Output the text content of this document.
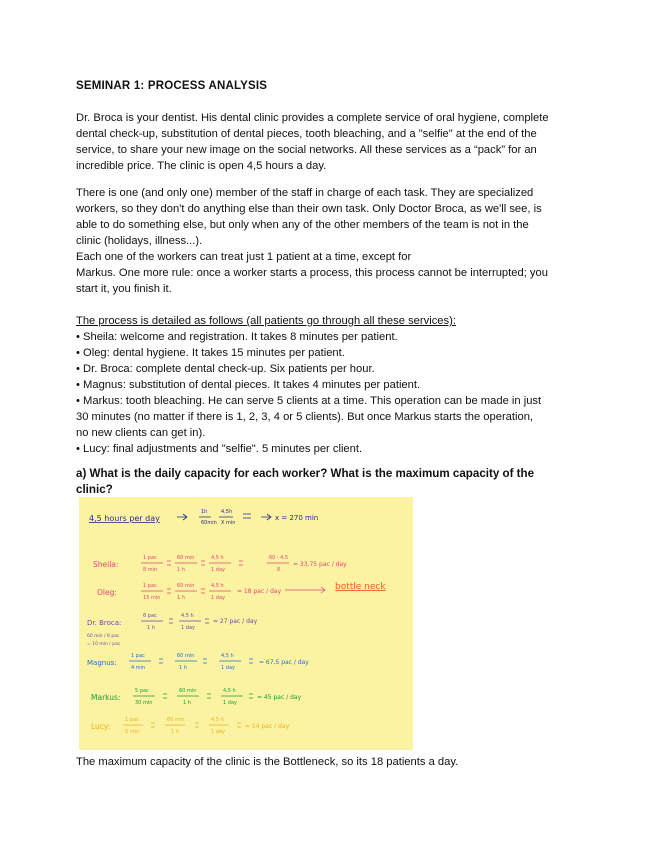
SEMINAR 1: PROCESS ANALYSIS
Dr. Broca is your dentist. His dental clinic provides a complete service of oral hygiene, complete
dental check-up, substitution of dental pieces, tooth bleaching, and a "selfie" at the end of the
service, to share your new image on the social networks. All these services as a “pack” for an
incredible price. The clinic is open 4,5 hours a day.
There is one (and only one) member of the staff in charge of each task. They are specialized
workers, so they don't do anything else than their own task. Only Doctor Broca, as we'll see, is
able to do something else, but only when any of the other members of the team is not in the
clinic (holidays, illness...).
Each one of the workers can treat just 1 patient at a time, except for
Markus. One more rule: once a worker starts a process, this process cannot be interrupted; you
start it, you finish it.
The process is detailed as follows (all patients go through all these services):
• Sheila: welcome and registration. It takes 8 minutes per patient.
• Oleg: dental hygiene. It takes 15 minutes per patient.
• Dr. Broca: complete dental check-up. Six patients per hour.
• Magnus: substitution of dental pieces. It takes 4 minutes per patient.
• Markus: tooth bleaching. He can serve 5 clients at a time. This operation can be made in just
30 minutes (no matter if there is 1, 2, 3, 4 or 5 clients). But once Markus starts the operation,
no new clients can get in).
• Lucy: final adjustments and "selfie". 5 minutes per client.
a) What is the daily capacity for each worker? What is the maximum capacity of the
clinic?
4,5 hours per day
1h
60min
4,5h
X min
x = 270 min
Sheila:
1 pac
8 min
60 min
1 h
4,5 h
1 day
60 · 4,5
8
= 33,75 pac / day
Oleg:
1 pac
15 min
60 min
1 h
4,5 h
1 day
= 18 pac / day	bottle neck
Dr. Broca:
60 min / 6 pac
= 10 min / pac
6 pac
1 h
4,5 h
1 day
= 27 pac / day
Magnus:
1 pac
4 min
60 min
1 h
4,5 h
1 day
= 67,5 pac / day
Markus:
5 pac
30 min
60 min
1 h
4,5 h
1 day
= 45 pac / day
Lucy:
1 pac
5 min
60 min
1 h
4,5 h
1 day
= 54 pac / day
The maximum capacity of the clinic is the Bottleneck, so its 18 patients a day.
